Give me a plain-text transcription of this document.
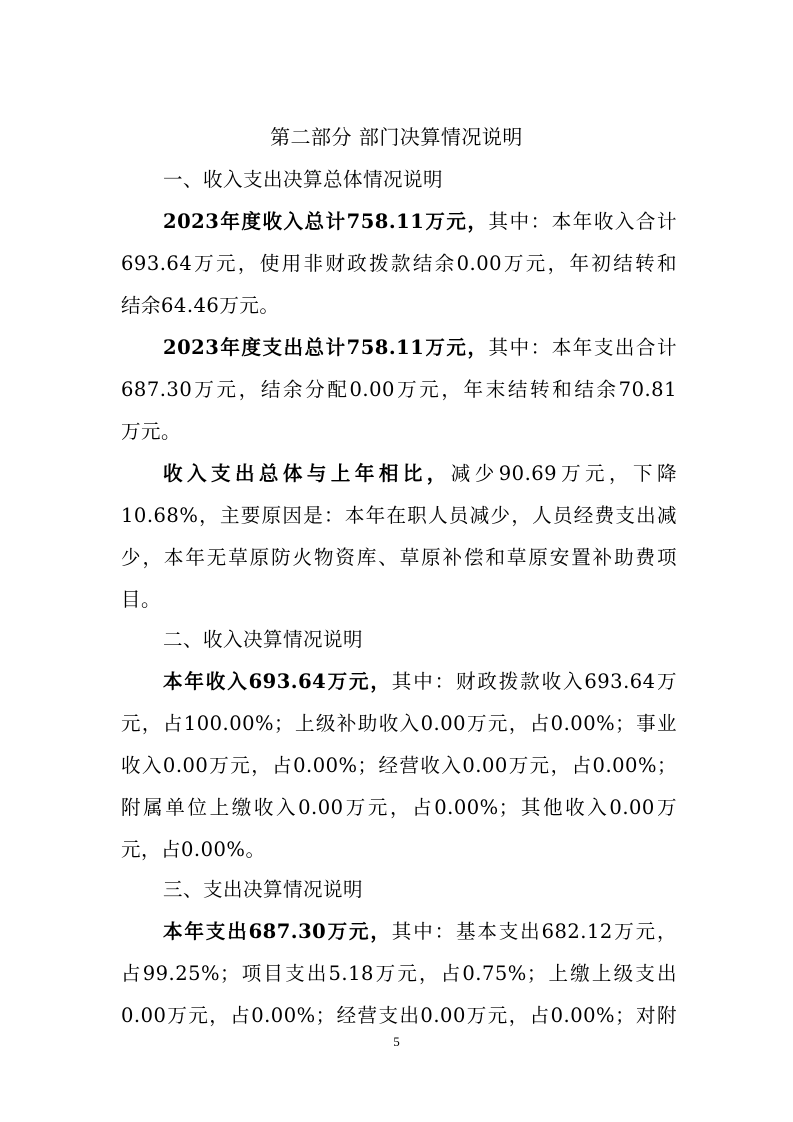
第二部分 部门决算情况说明
一、收入支出决算总体情况说明
2023年度收入总计758.11万元，其中：本年收入合计
693.64万元，使用非财政拨款结余0.00万元，年初结转和
结余64.46万元。
2023年度支出总计758.11万元，其中：本年支出合计
687.30万元，结余分配0.00万元，年末结转和结余70.81
万元。
收入支出总体与上年相比，减少90.69万元，下降
10.68%，主要原因是：本年在职人员减少，人员经费支出减
少，本年无草原防火物资库、草原补偿和草原安置补助费项
目。
二、收入决算情况说明
本年收入693.64万元，其中：财政拨款收入693.64万
元，占100.00%；上级补助收入0.00万元，占0.00%；事业
收入0.00万元，占0.00%；经营收入0.00万元，占0.00%；
附属单位上缴收入0.00万元，占0.00%；其他收入0.00万
元，占0.00%。
三、支出决算情况说明
本年支出687.30万元，其中：基本支出682.12万元，
占99.25%；项目支出5.18万元，占0.75%；上缴上级支出
0.00万元，占0.00%；经营支出0.00万元，占0.00%；对附
5
